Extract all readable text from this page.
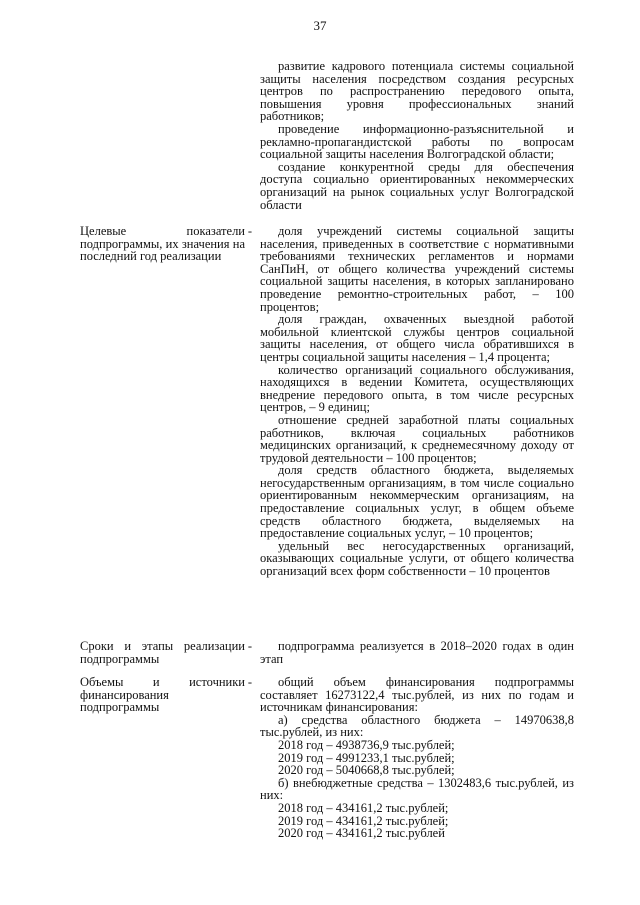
37

развитие кадрового потенциала системы социальной защиты населения посредством создания ресурсных центров по распространению передового опыта, повышения уровня профессиональных знаний работников;

проведение информационно-разъяснительной и рекламно-пропагандистской работы по вопросам социальной защиты населения Волгоградской области;

создание конкурентной среды для обеспечения доступа социально ориентированных некоммерческих организаций на рынок социальных услуг Волгоградской области

Целевые показатели подпрограммы, их значения на последний год реализации
-	доля учреждений системы социальной защиты населения, приведенных в соответствие с нормативными требованиями технических регламентов и нормами СанПиН, от общего количества учреждений системы социальной защиты населения, в которых запланировано проведение ремонтно-строительных работ, – 100 процентов;

доля граждан, охваченных выездной работой мобильной клиентской службы центров социальной защиты населения, от общего числа обратившихся в центры социальной защиты населения – 1,4 процента;

количество организаций социального обслуживания, находящихся в ведении Комитета, осуществляющих внедрение передового опыта, в том числе ресурсных центров, – 9 единиц;

отношение средней заработной платы социальных работников, включая социальных работников медицинских организаций, к среднемесячному доходу от трудовой деятельности – 100 процентов;

доля средств областного бюджета, выделяемых негосударственным организациям, в том числе социально ориентированным некоммерческим организациям, на предоставление социальных услуг, в общем объеме средств областного бюджета, выделяемых на предоставление социальных услуг, – 10 процентов;

удельный вес негосударственных организаций, оказывающих социальные услуги, от общего количества организаций всех форм собственности – 10 процентов

Сроки и этапы реализации подпрограммы
-	подпрограмма реализуется в 2018–2020 годах в один этап

Объемы и источники финансирования подпрограммы
-	общий объем финансирования подпрограммы составляет 16273122,4 тыс.рублей, из них по годам и источникам финансирования:

а) средства областного бюджета – 14970638,8 тыс.рублей, из них:

2018 год – 4938736,9 тыс.рублей;

2019 год – 4991233,1 тыс.рублей;

2020 год – 5040668,8 тыс.рублей;

б) внебюджетные средства – 1302483,6 тыс.рублей, из них:

2018 год – 434161,2 тыс.рублей;

2019 год – 434161,2 тыс.рублей;

2020 год – 434161,2 тыс.рублей
